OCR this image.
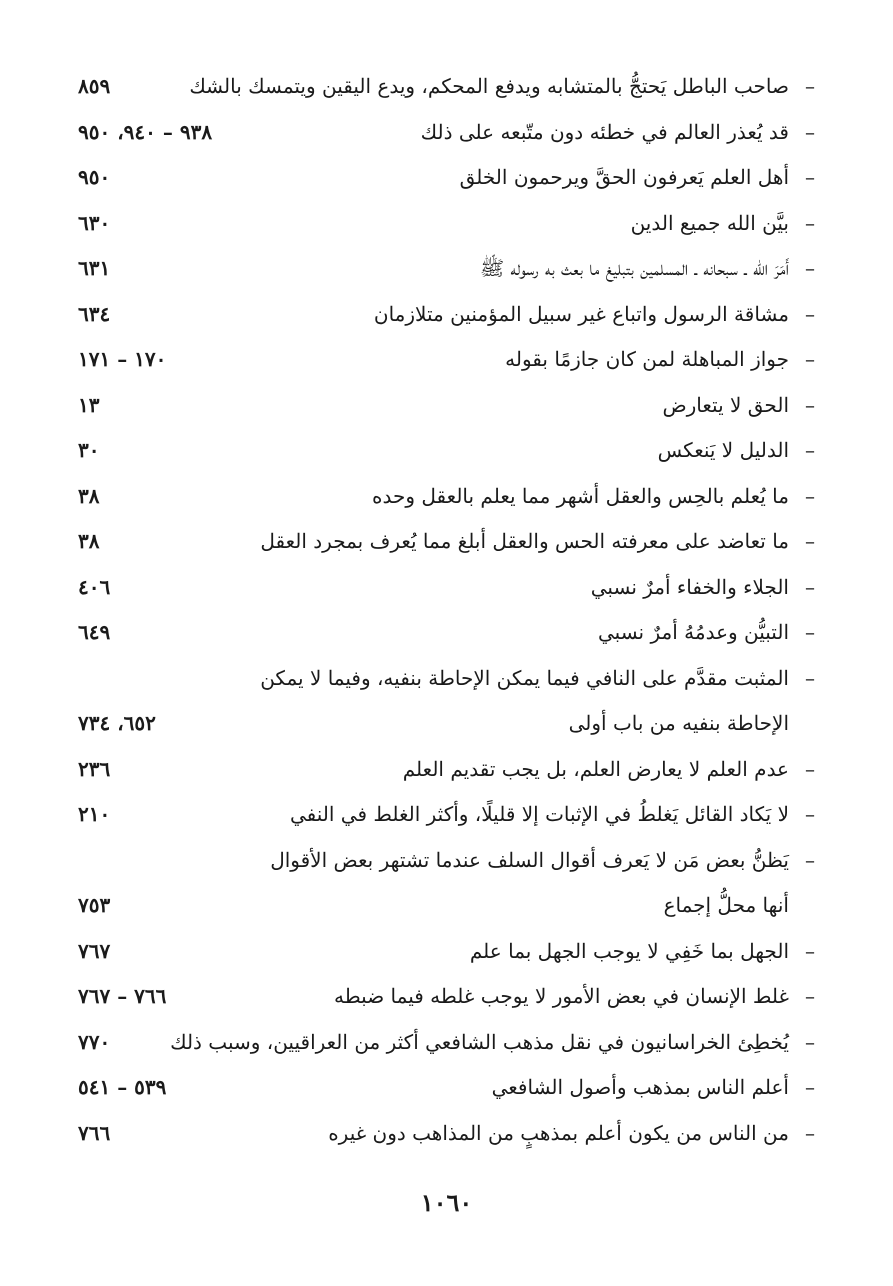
–
صاحب الباطل يَحتجُّ بالمتشابه ويدفع المحكم، ويدع اليقين ويتمسك بالشك
٨٥٩
–
قد يُعذر العالم في خطئه دون متّبعه على ذلك
٩٣٨ – ٩٤٠، ٩٥٠
–
أهل العلم يَعرفون الحقَّ ويرحمون الخلق
٩٥٠
–
بيَّن الله جميع الدين
٦٣٠
–
أَمَرَ الله ـ سبحانه ـ المسلمين بتبليغ ما بعث به رسوله ﷺ
٦٣١
–
مشاقة الرسول واتباع غير سبيل المؤمنين متلازمان
٦٣٤
–
جواز المباهلة لمن كان جازمًا بقوله
١٧٠ – ١٧١
–
الحق لا يتعارض
١٣
–
الدليل لا يَنعكس
٣٠
–
ما يُعلم بالحِس والعقل أشهر مما يعلم بالعقل وحده
٣٨
–
ما تعاضد على معرفته الحس والعقل أبلغ مما يُعرف بمجرد العقل
٣٨
–
الجلاء والخفاء أمرٌ نسبي
٤٠٦
–
التبيُّن وعدمُهُ أمرٌ نسبي
٦٤٩
–
المثبت مقدَّم على النافي فيما يمكن الإحاطة بنفيه، وفيما لا يمكن
الإحاطة بنفيه من باب أولى
٦٥٢، ٧٣٤
–
عدم العلم لا يعارض العلم، بل يجب تقديم العلم
٢٣٦
–
لا يَكاد القائل يَغلطُ في الإثبات إلا قليلًا، وأكثر الغلط في النفي
٢١٠
–
يَظنُّ بعض مَن لا يَعرف أقوال السلف عندما تشتهر بعض الأقوال
أنها محلُّ إجماع
٧٥٣
–
الجهل بما خَفِي لا يوجب الجهل بما علم
٧٦٧
–
غلط الإنسان في بعض الأمور لا يوجب غلطه فيما ضبطه
٧٦٦ – ٧٦٧
–
يُخطِئ الخراسانيون في نقل مذهب الشافعي أكثر من العراقيين، وسبب ذلك
٧٧٠
–
أعلم الناس بمذهب وأصول الشافعي
٥٣٩ – ٥٤١
–
من الناس من يكون أعلم بمذهبٍ من المذاهب دون غيره
٧٦٦
١٠٦٠
